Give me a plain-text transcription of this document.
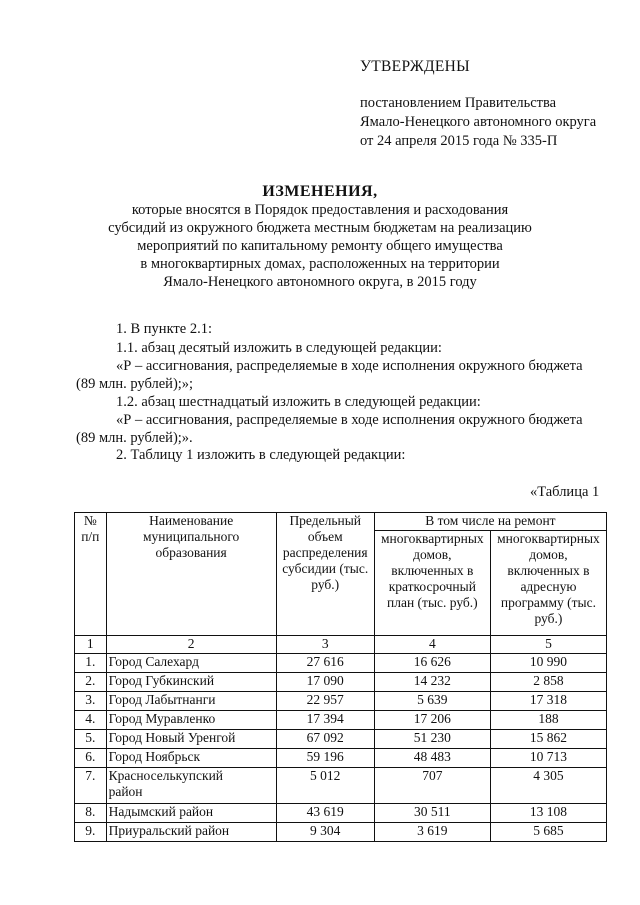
УТВЕРЖДЕНЫ
постановлением Правительства
Ямало-Ненецкого автономного округа
от 24 апреля 2015 года № 335-П
ИЗМЕНЕНИЯ,
которые вносятся в Порядок предоставления и расходования
субсидий из окружного бюджета местным бюджетам на реализацию
мероприятий по капитальному ремонту общего имущества
в многоквартирных домах, расположенных на территории
Ямало-Ненецкого автономного округа, в 2015 году
1. В пункте 2.1:
1.1. абзац десятый изложить в следующей редакции:
«Р – ассигнования, распределяемые в ходе исполнения окружного бюджета
(89 млн. рублей);»;
1.2. абзац шестнадцатый изложить в следующей редакции:
«Р – ассигнования, распределяемые в ходе исполнения окружного бюджета
(89 млн. рублей);».
2. Таблицу 1 изложить в следующей редакции:
«Таблица 1
№ п/п	Наименование муниципального образования	Предельный объем распределения субсидии (тыс. руб.)	В том числе на ремонт	
			многоквартирных домов, включенных в краткосрочный план (тыс. руб.)	многоквартирных домов, включенных в адресную программу (тыс. руб.)
1	2	3	4	5
1.	Город Салехард	27 616	16 626	10 990
2.	Город Губкинский	17 090	14 232	2 858
3.	Город Лабытнанги	22 957	5 639	17 318
4.	Город Муравленко	17 394	17 206	188
5.	Город Новый Уренгой	67 092	51 230	15 862
6.	Город Ноябрьск	59 196	48 483	10 713
7.	Красноселькупский район	5 012	707	4 305
8.	Надымский район	43 619	30 511	13 108
9.	Приуральский район	9 304	3 619	5 685
